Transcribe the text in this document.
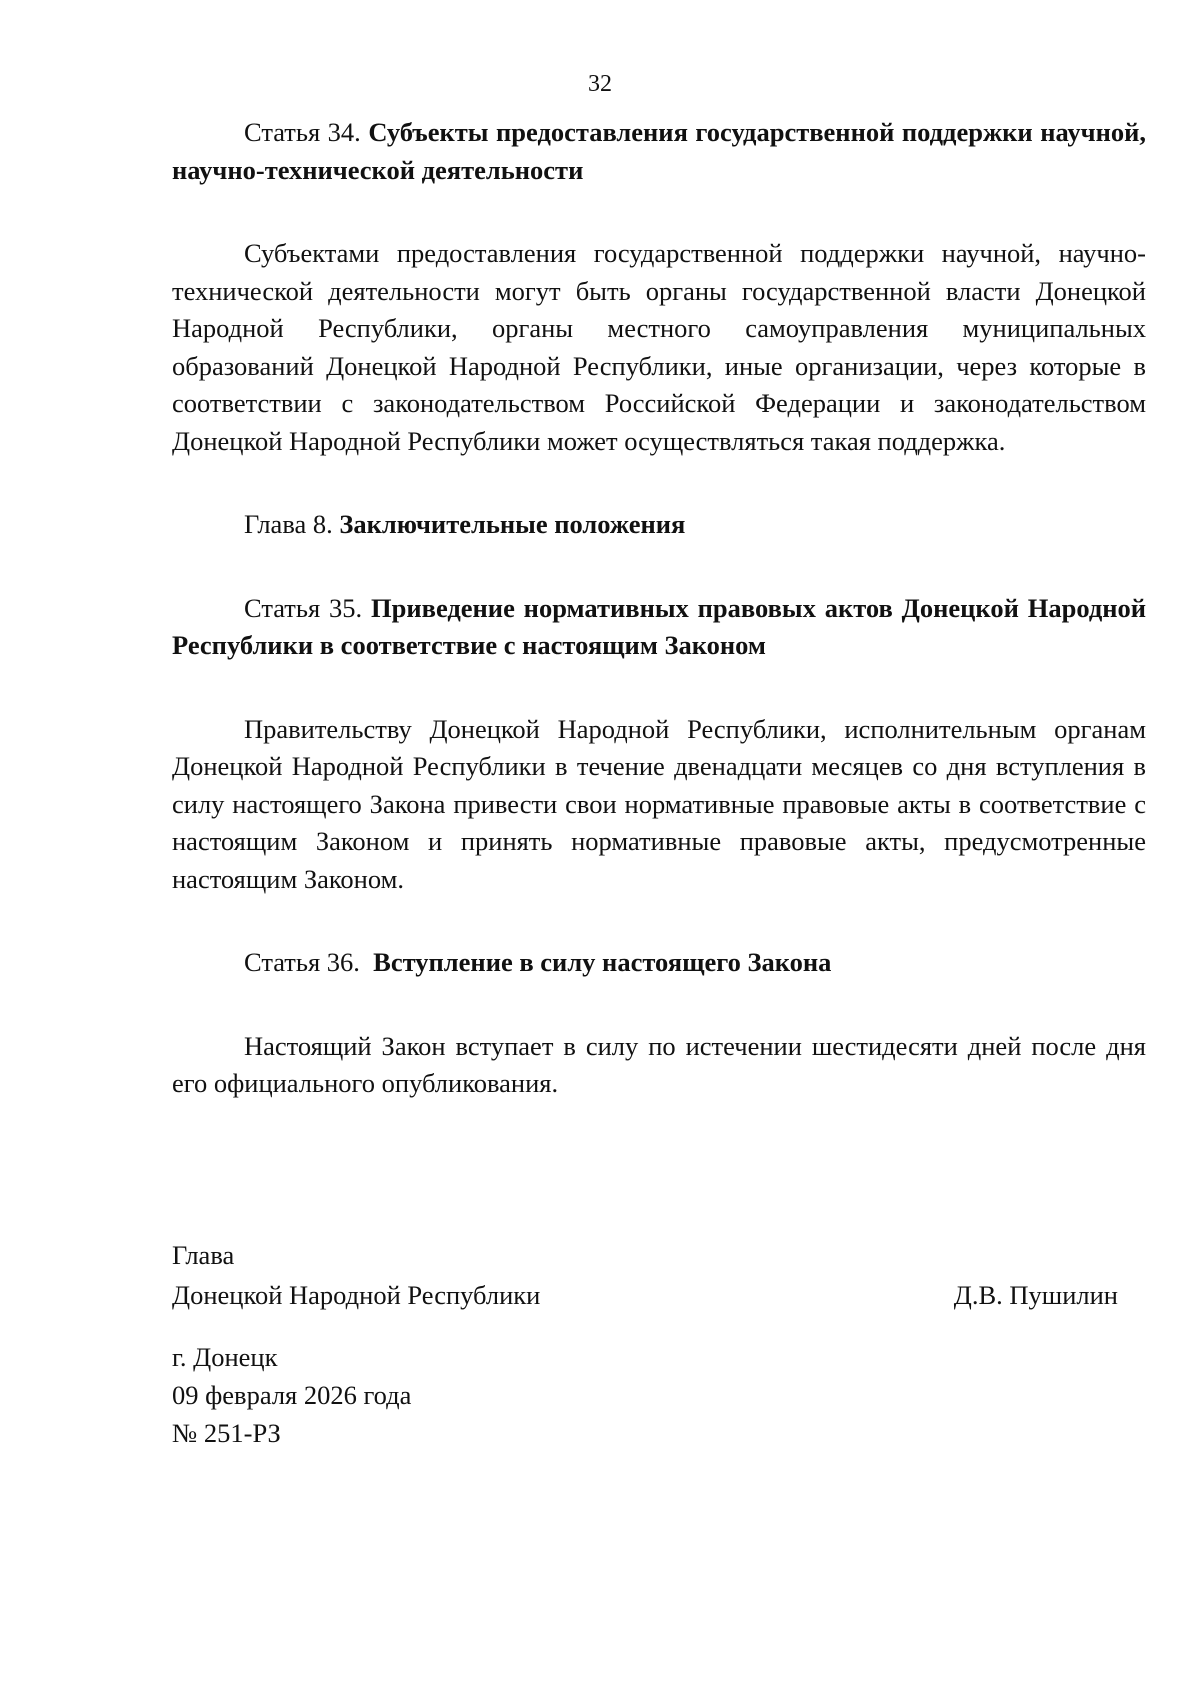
32

Статья 34. Субъекты предоставления государственной поддержки научной, научно-технической деятельности

Субъектами предоставления государственной поддержки научной, научно-технической деятельности могут быть органы государственной власти Донецкой Народной Республики, органы местного самоуправления муниципальных образований Донецкой Народной Республики, иные организации, через которые в соответствии с законодательством Российской Федерации и законодательством Донецкой Народной Республики может осуществляться такая поддержка.

Глава 8. Заключительные положения

Статья 35. Приведение нормативных правовых актов Донецкой Народной Республики в соответствие с настоящим Законом

Правительству Донецкой Народной Республики, исполнительным органам Донецкой Народной Республики в течение двенадцати месяцев со дня вступления в силу настоящего Закона привести свои нормативные правовые акты в соответствие с настоящим Законом и принять нормативные правовые акты, предусмотренные настоящим Законом.

Статья 36. Вступление в силу настоящего Закона

Настоящий Закон вступает в силу по истечении шестидесяти дней после дня его официального опубликования.

Глава
Донецкой Народной Республики	Д.В. Пушилин
г. Донецк
09 февраля 2026 года
№ 251-РЗ
